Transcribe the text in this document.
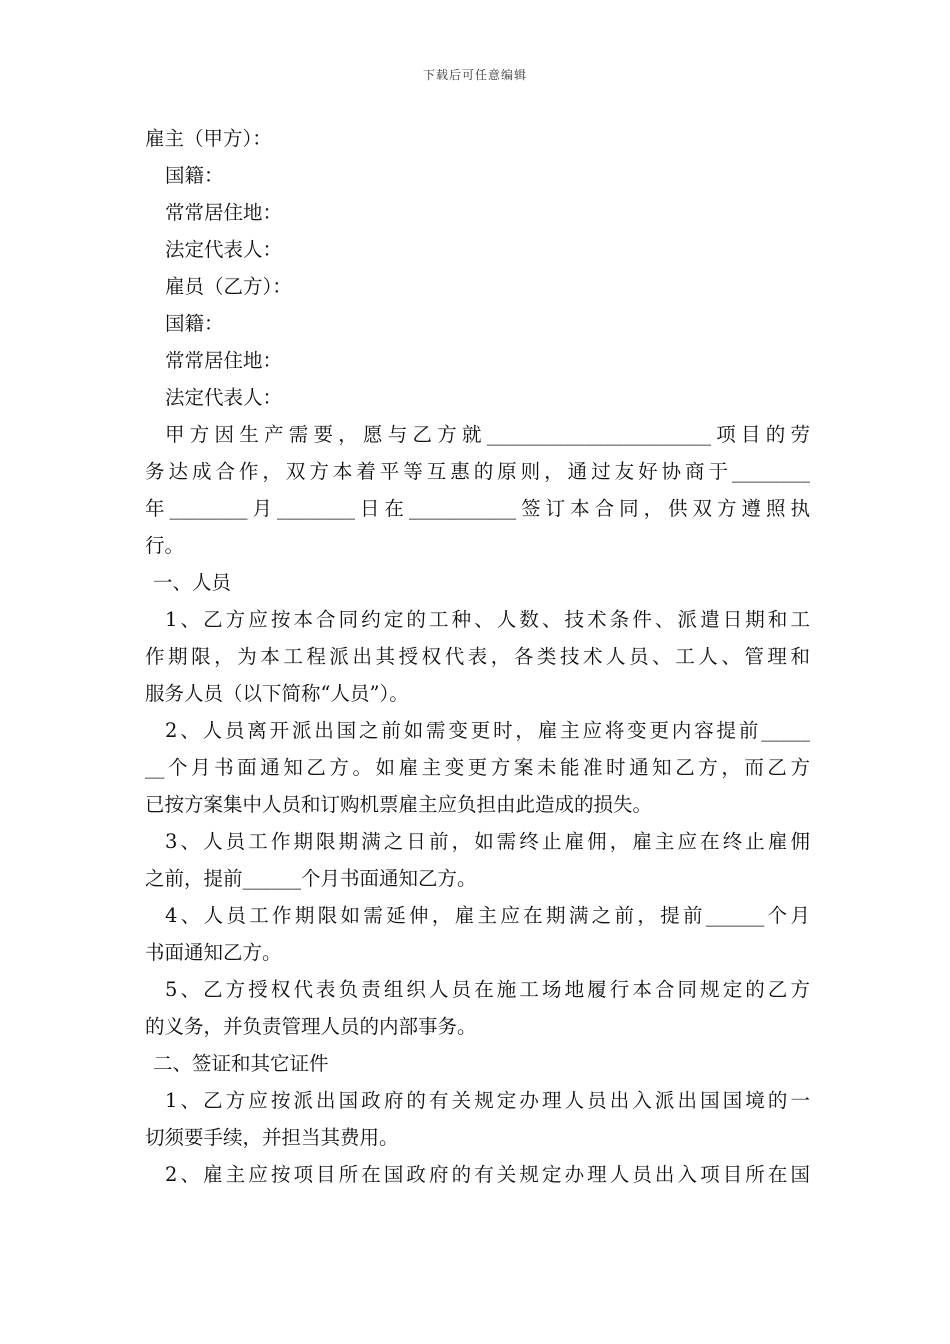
下载后可任意编辑

雇主（甲方）：

国籍：

常常居住地：

法定代表人：

雇员（乙方）：

国籍：

常常居住地：

法定代表人：

甲方因生产需要，愿与乙方就_______________________项目的劳

务达成合作，双方本着平等互惠的原则，通过友好协商于________

年________月________日在___________签订本合同，供双方遵照执

行。

一、人员

1、乙方应按本合同约定的工种、人数、技术条件、派遣日期和工

作期限，为本工程派出其授权代表，各类技术人员、工人、管理和

服务人员（以下简称“人员”）。

2、人员离开派出国之前如需变更时，雇主应将变更内容提前_____

__个月书面通知乙方。如雇主变更方案未能准时通知乙方，而乙方

已按方案集中人员和订购机票雇主应负担由此造成的损失。

3、人员工作期限期满之日前，如需终止雇佣，雇主应在终止雇佣

之前，提前______个月书面通知乙方。

4、人员工作期限如需延伸，雇主应在期满之前，提前______个月

书面通知乙方。

5、乙方授权代表负责组织人员在施工场地履行本合同规定的乙方

的义务，并负责管理人员的内部事务。

二、签证和其它证件

1、乙方应按派出国政府的有关规定办理人员出入派出国国境的一

切须要手续，并担当其费用。

2、雇主应按项目所在国政府的有关规定办理人员出入项目所在国
